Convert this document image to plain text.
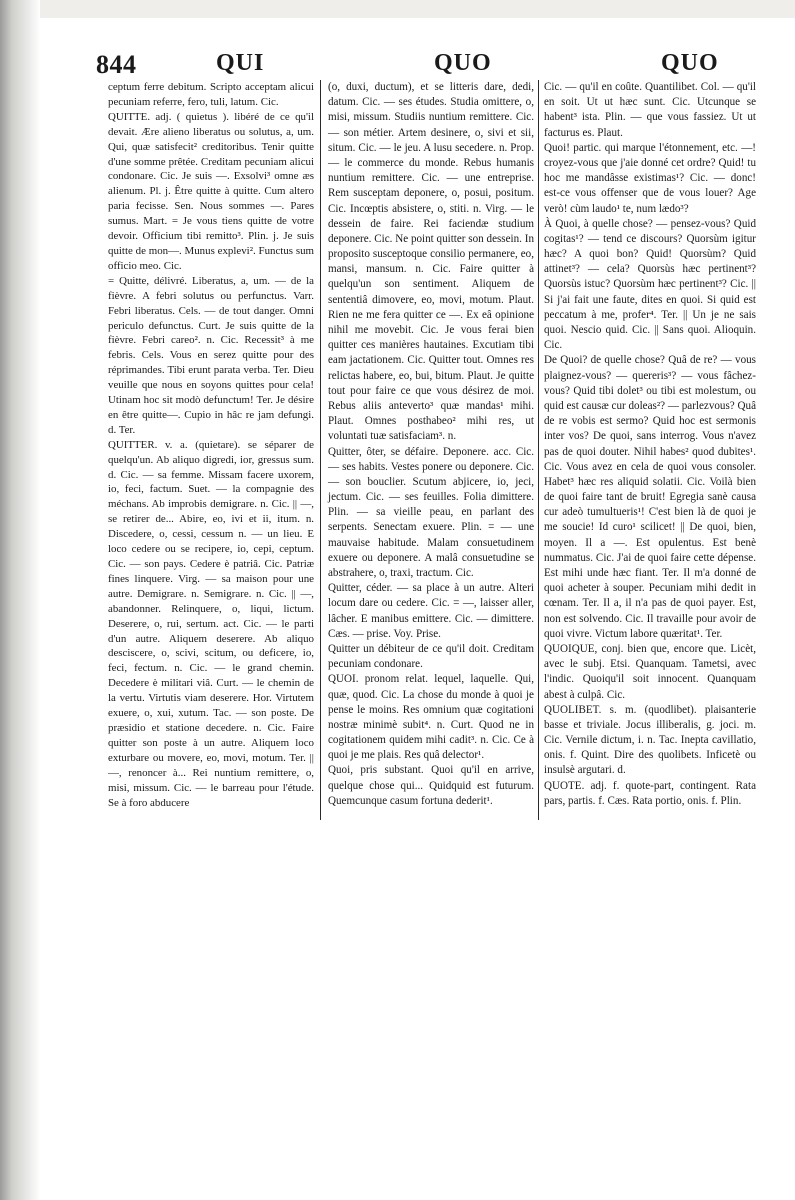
844	QUI	QUO	QUO

ceptum ferre debitum. Scripto acceptam alicui pecuniam referre, fero, tuli, latum. Cic.

QUITTE. adj. ( quietus ). libéré de ce qu'il devait. Ære alieno liberatus ou solutus, a, um. Qui, quæ satisfecit² creditoribus. Tenir quitte d'une somme prêtée. Creditam pecuniam alicui condonare. Cic. Je suis —. Exsolvi³ omne æs alienum. Pl. j. Être quitte à quitte. Cum altero paria fecisse. Sen. Nous sommes —. Pares sumus. Mart. = Je vous tiens quitte de votre devoir. Officium tibi remitto³. Plin. j. Je suis quitte de mon—. Munus explevi². Functus sum officio meo. Cic.

= Quitte, délivré. Liberatus, a, um. — de la fièvre. A febri solutus ou perfunctus. Varr. Febri liberatus. Cels. — de tout danger. Omni periculo defunctus. Curt. Je suis quitte de la fièvre. Febri careo². n. Cic. Recessit³ à me febris. Cels. Vous en serez quitte pour des réprimandes. Tibi erunt parata verba. Ter. Dieu veuille que nous en soyons quittes pour cela! Utinam hoc sit modò defunctum! Ter. Je désire en être quitte—. Cupio in hâc re jam defungi. d. Ter.

QUITTER. v. a. (quietare). se séparer de quelqu'un. Ab aliquo digredi, ior, gressus sum. d. Cic. — sa femme. Missam facere uxorem, io, feci, factum. Suet. — la compagnie des méchans. Ab improbis demigrare. n. Cic. || —, se retirer de... Abire, eo, ivi et ii, itum. n. Discedere, o, cessi, cessum n. — un lieu. E loco cedere ou se recipere, io, cepi, ceptum. Cic. — son pays. Cedere è patriâ. Cic. Patriæ fines linquere. Virg. — sa maison pour une autre. Demigrare. n. Semigrare. n. Cic. || —, abandonner. Relinquere, o, liqui, lictum. Deserere, o, rui, sertum. act. Cic. — le parti d'un autre. Aliquem deserere. Ab aliquo desciscere, o, scivi, scitum, ou deficere, io, feci, fectum. n. Cic. — le grand chemin. Decedere è militari viâ. Curt. — le chemin de la vertu. Virtutis viam deserere. Hor. Virtutem exuere, o, xui, xutum. Tac. — son poste. De præsidio et statione decedere. n. Cic. Faire quitter son poste à un autre. Aliquem loco exturbare ou movere, eo, movi, motum. Ter. || —, renoncer à... Rei nuntium remittere, o, misi, missum. Cic. — le barreau pour l'étude. Se à foro abducere

(o, duxi, ductum), et se litteris dare, dedi, datum. Cic. — ses études. Studia omittere, o, misi, missum. Studiis nuntium remittere. Cic. — son métier. Artem desinere, o, sivi et sii, situm. Cic. — le jeu. A lusu secedere. n. Prop. — le commerce du monde. Rebus humanis nuntium remittere. Cic. — une entreprise. Rem susceptam deponere, o, posui, positum. Cic. Incœptis absistere, o, stiti. n. Virg. — le dessein de faire. Rei faciendæ studium deponere. Cic. Ne point quitter son dessein. In proposito susceptoque consilio permanere, eo, mansi, mansum. n. Cic. Faire quitter à quelqu'un son sentiment. Aliquem de sententiâ dimovere, eo, movi, motum. Plaut. Rien ne me fera quitter ce —. Ex eâ opinione nihil me movebit. Cic. Je vous ferai bien quitter ces manières hautaines. Excutiam tibi eam jactationem. Cic. Quitter tout. Omnes res relictas habere, eo, bui, bitum. Plaut. Je quitte tout pour faire ce que vous désirez de moi. Rebus aliis anteverto³ quæ mandas¹ mihi. Plaut. Omnes posthabeo² mihi res, ut voluntati tuæ satisfaciam³. n.

Quitter, ôter, se défaire. Deponere. acc. Cic. — ses habits. Vestes ponere ou deponere. Cic. — son bouclier. Scutum abjicere, io, jeci, jectum. Cic. — ses feuilles. Folia dimittere. Plin. — sa vieille peau, en parlant des serpents. Senectam exuere. Plin. = — une mauvaise habitude. Malam consuetudinem exuere ou deponere. A malâ consuetudine se abstrahere, o, traxi, tractum. Cic.

Quitter, céder. — sa place à un autre. Alteri locum dare ou cedere. Cic. = —, laisser aller, lâcher. E manibus emittere. Cic. — dimittere. Cæs. — prise. Voy. Prise.

Quitter un débiteur de ce qu'il doit. Creditam pecuniam condonare.

QUOI. pronom relat. lequel, laquelle. Qui, quæ, quod. Cic. La chose du monde à quoi je pense le moins. Res omnium quæ cogitationi nostræ minimè subit⁴. n. Curt. Quod ne in cogitationem quidem mihi cadit³. n. Cic. Ce à quoi je me plais. Res quâ delector¹.

Quoi, pris substant. Quoi qu'il en arrive, quelque chose qui... Quidquid est futurum. Quemcunque casum fortuna dederit¹.

Cic. — qu'il en coûte. Quantilibet. Col. — qu'il en soit. Ut ut hæc sunt. Cic. Utcunque se habent³ ista. Plin. — que vous fassiez. Ut ut facturus es. Plaut.

Quoi! partic. qui marque l'étonnement, etc. —! croyez-vous que j'aie donné cet ordre? Quid! tu hoc me mandâsse existimas¹? Cic. — donc! est-ce vous offenser que de vous louer? Age verò! cùm laudo¹ te, num lædo³?

À Quoi, à quelle chose? — pensez-vous? Quid cogitas¹? — tend ce discours? Quorsùm igitur hæc? A quoi bon? Quid! Quorsùm? Quid attinet³? — cela? Quorsùs hæc pertinent³? Quorsùs istuc? Quorsùm hæc pertinent³? Cic. || Si j'ai fait une faute, dites en quoi. Si quid est peccatum à me, profer⁴. Ter. || Un je ne sais quoi. Nescio quid. Cic. || Sans quoi. Alioquin. Cic.

De Quoi? de quelle chose? Quâ de re? — vous plaignez-vous? — quereris³? — vous fâchez-vous? Quid tibi dolet³ ou tibi est molestum, ou quid est causæ cur doleas²? — parlezvous? Quâ de re vobis est sermo? Quid hoc est sermonis inter vos? De quoi, sans interrog. Vous n'avez pas de quoi douter. Nihil habes² quod dubites¹. Cic. Vous avez en cela de quoi vous consoler. Habet³ hæc res aliquid solatii. Cic. Voilà bien de quoi faire tant de bruit! Egregia sanè causa cur adeò tumultueris¹! C'est bien là de quoi je me soucie! Id curo¹ scilicet! || De quoi, bien, moyen. Il a —. Est opulentus. Est benè nummatus. Cic. J'ai de quoi faire cette dépense. Est mihi unde hæc fiant. Ter. Il m'a donné de quoi acheter à souper. Pecuniam mihi dedit in cœnam. Ter. Il a, il n'a pas de quoi payer. Est, non est solvendo. Cic. Il travaille pour avoir de quoi vivre. Victum labore quæritat¹. Ter.

QUOIQUE, conj. bien que, encore que. Licèt, avec le subj. Etsi. Quanquam. Tametsi, avec l'indic. Quoiqu'il soit innocent. Quanquam abest à culpâ. Cic.

QUOLIBET. s. m. (quodlibet). plaisanterie basse et triviale. Jocus illiberalis, g. joci. m. Cic. Vernile dictum, i. n. Tac. Inepta cavillatio, onis. f. Quint. Dire des quolibets. Inficetè ou insulsè argutari. d.

QUOTE. adj. f. quote-part, contingent. Rata pars, partis. f. Cæs. Rata portio, onis. f. Plin.
